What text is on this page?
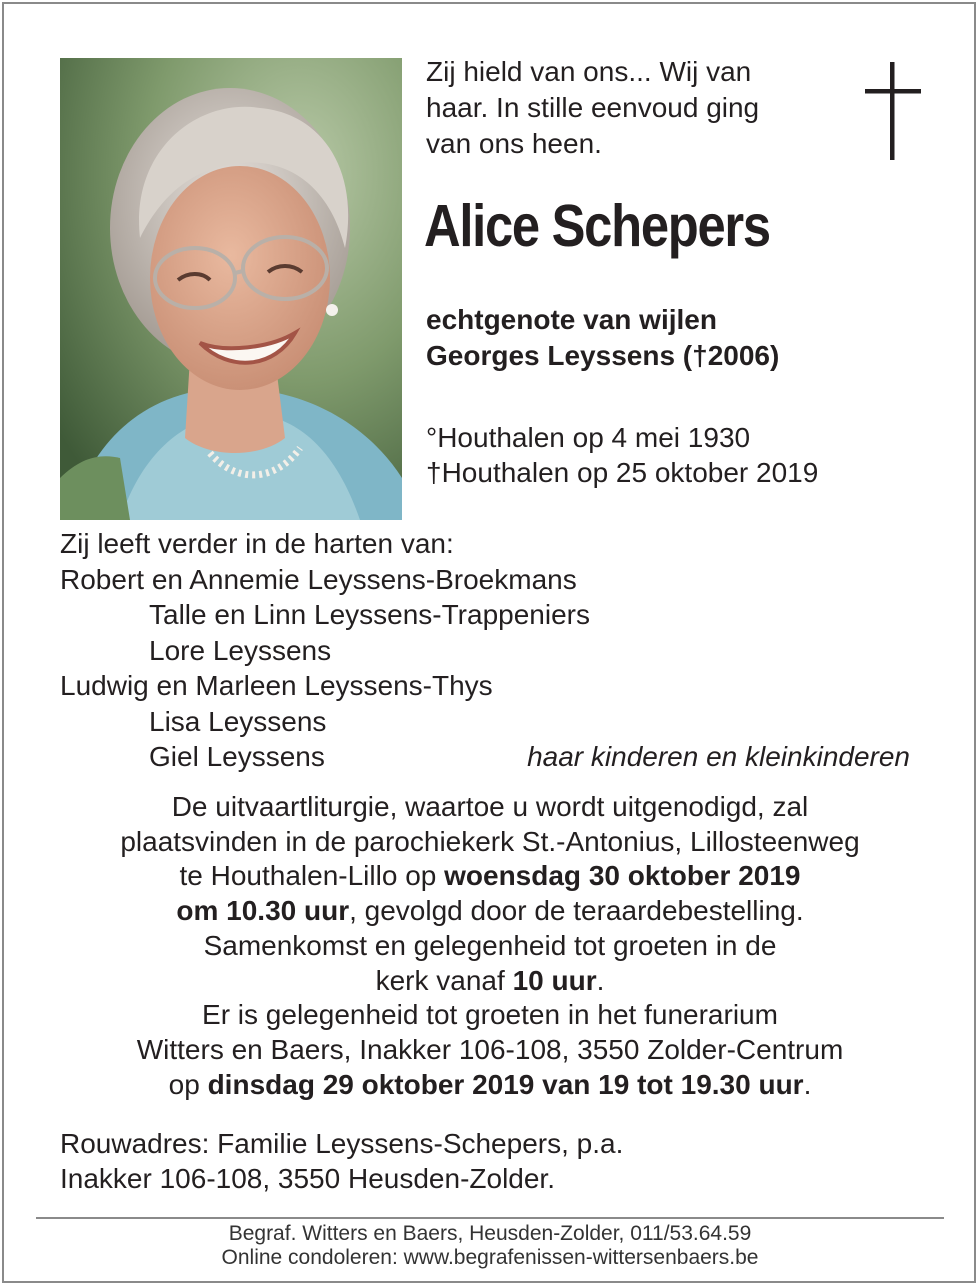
Zij hield van ons... Wij van
haar. In stille eenvoud ging
van ons heen.
Alice Schepers
echtgenote van wijlen
Georges Leyssens (†2006)
°Houthalen op 4 mei 1930
†Houthalen op 25 oktober 2019
Zij leeft verder in de harten van:
Robert en Annemie Leyssens-Broekmans
Talle en Linn Leyssens-Trappeniers
Lore Leyssens
Ludwig en Marleen Leyssens-Thys
Lisa Leyssens
Giel Leyssens	haar kinderen en kleinkinderen
De uitvaartliturgie, waartoe u wordt uitgenodigd, zal
plaatsvinden in de parochiekerk St.-Antonius, Lillosteenweg
te Houthalen-Lillo op woensdag 30 oktober 2019
om 10.30 uur, gevolgd door de teraardebestelling.
Samenkomst en gelegenheid tot groeten in de
kerk vanaf 10 uur.
Er is gelegenheid tot groeten in het funerarium
Witters en Baers, Inakker 106-108, 3550 Zolder-Centrum
op dinsdag 29 oktober 2019 van 19 tot 19.30 uur.
Rouwadres: Familie Leyssens-Schepers, p.a.
Inakker 106-108, 3550 Heusden-Zolder.
Begraf. Witters en Baers, Heusden-Zolder, 011/53.64.59
Online condoleren: www.begrafenissen-wittersenbaers.be
